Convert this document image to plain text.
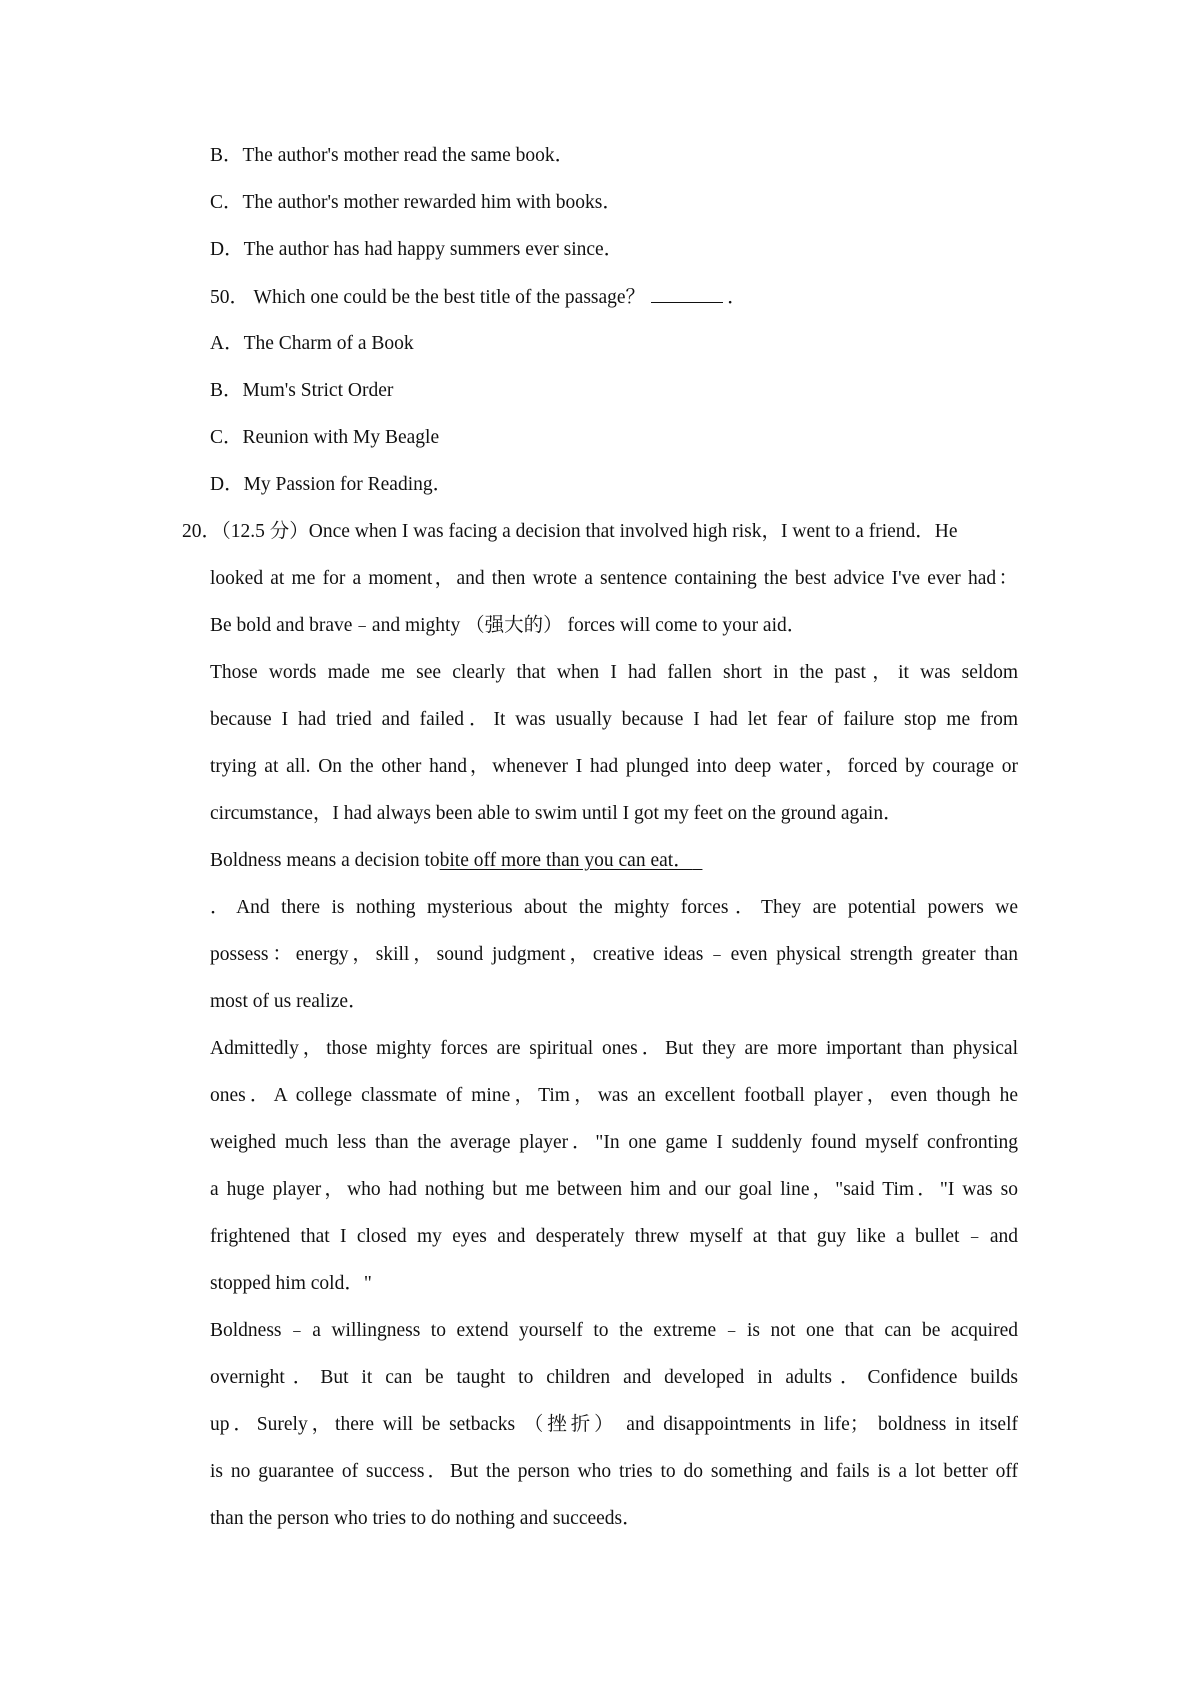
B．The author's mother read the same book．
C．The author's mother rewarded him with books．
D．The author has had happy summers ever since．
50． Which one could be the best title of the passage？	．
A．The Charm of a Book
B．Mum's Strict Order
C．Reunion with My Beagle
D．My Passion for Reading．
20．（12.5 分）Once when I was facing a decision that involved high risk，I went to a friend．He
looked at me for a moment，and then wrote a sentence containing the best advice I've ever had：
Be bold and brave﹣and mighty （强大的） forces will come to your aid．
Those words made me see clearly that when I had fallen short in the past，it was seldom
because I had tried and failed．It was usually because I had let fear of failure stop me from
trying at all. On the other hand，whenever I had plunged into deep water，forced by courage or
circumstance，I had always been able to swim until I got my feet on the ground again．
Boldness means a decision tobite off more than you can eat．
．And there is nothing mysterious about the mighty forces．They are potential powers we
possess：energy，skill，sound judgment，creative ideas﹣even physical strength greater than
most of us realize．
Admittedly，those mighty forces are spiritual ones．But they are more important than physical
ones．A college classmate of mine，Tim，was an excellent football player，even though he
weighed much less than the average player．"In one game I suddenly found myself confronting
a huge player，who had nothing but me between him and our goal line，"said Tim．"I was so
frightened that I closed my eyes and desperately threw myself at that guy like a bullet﹣and
stopped him cold．"
Boldness﹣a willingness to extend yourself to the extreme﹣is not one that can be acquired
overnight．But it can be taught to children and developed in adults．Confidence builds
up．Surely，there will be setbacks （挫折） and disappointments in life； boldness in itself
is no guarantee of success．But the person who tries to do something and fails is a lot better off
than the person who tries to do nothing and succeeds．
